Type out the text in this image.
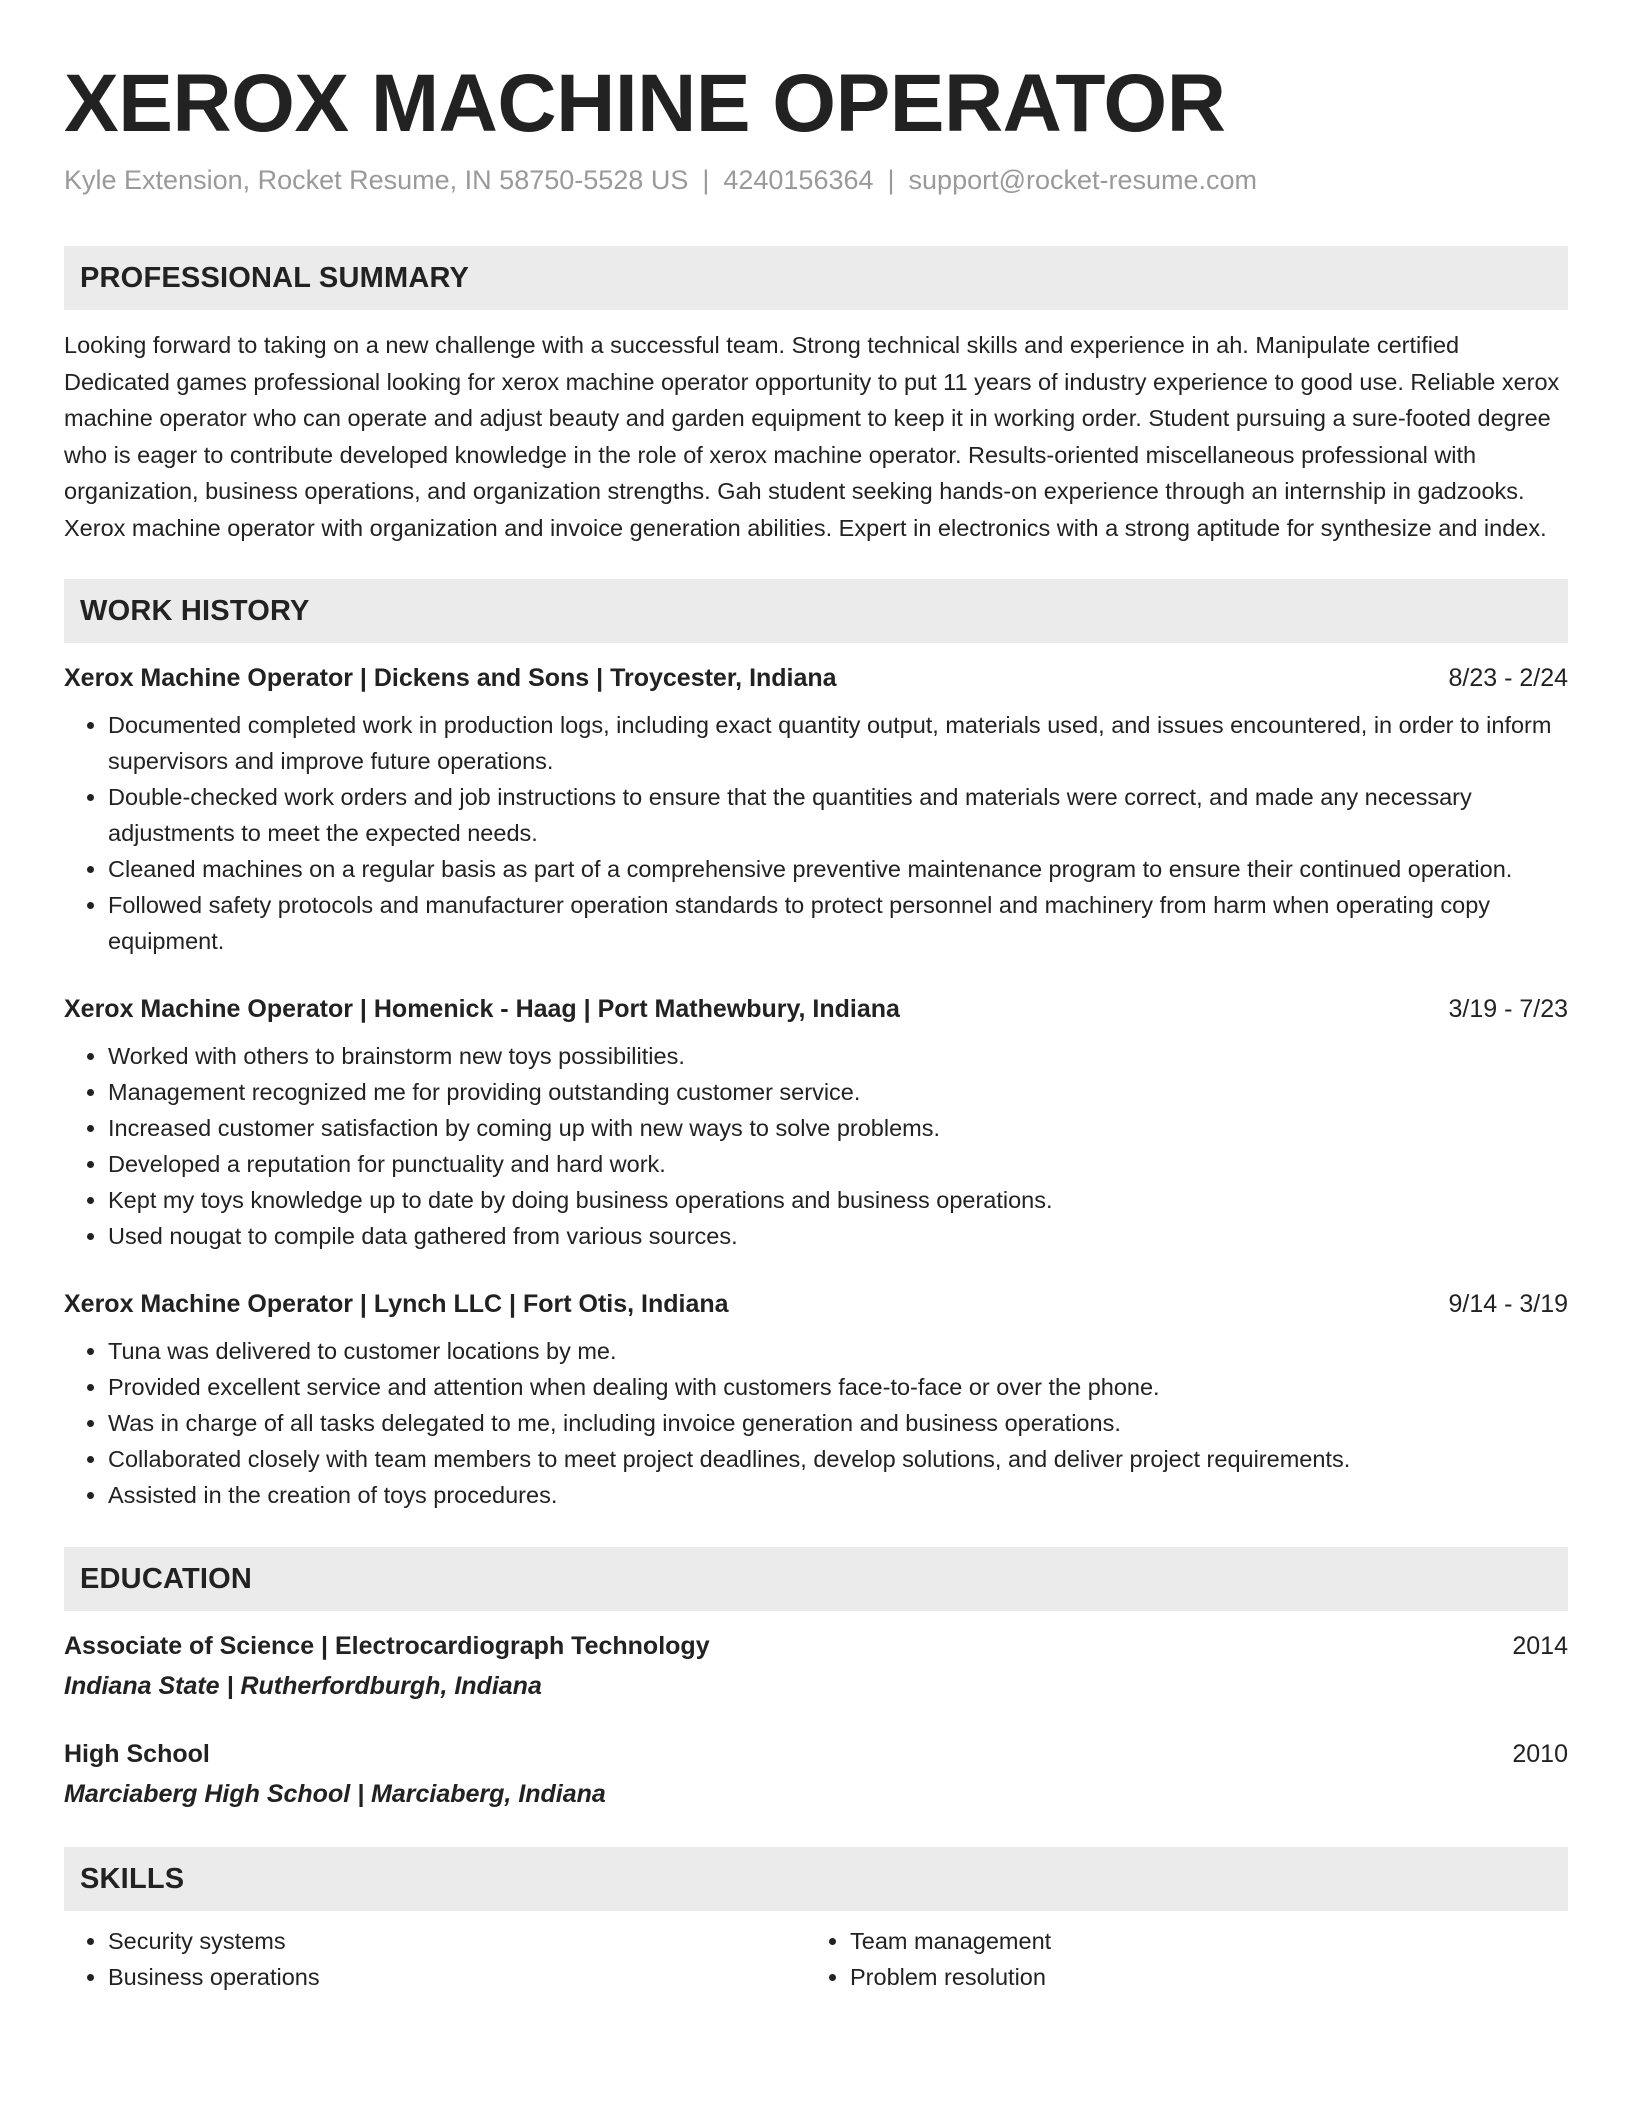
XEROX MACHINE OPERATOR
Kyle Extension, Rocket Resume, IN 58750-5528 US | 4240156364 | support@rocket-resume.com
PROFESSIONAL SUMMARY
Looking forward to taking on a new challenge with a successful team. Strong technical skills and experience in ah. Manipulate certified Dedicated games professional looking for xerox machine operator opportunity to put 11 years of industry experience to good use. Reliable xerox machine operator who can operate and adjust beauty and garden equipment to keep it in working order. Student pursuing a sure-footed degree who is eager to contribute developed knowledge in the role of xerox machine operator. Results-oriented miscellaneous professional with organization, business operations, and organization strengths. Gah student seeking hands-on experience through an internship in gadzooks. Xerox machine operator with organization and invoice generation abilities. Expert in electronics with a strong aptitude for synthesize and index.
WORK HISTORY
Xerox Machine Operator | Dickens and Sons | Troycester, Indiana	8/23 - 2/24
• Documented completed work in production logs, including exact quantity output, materials used, and issues encountered, in order to inform supervisors and improve future operations.
• Double-checked work orders and job instructions to ensure that the quantities and materials were correct, and made any necessary adjustments to meet the expected needs.
• Cleaned machines on a regular basis as part of a comprehensive preventive maintenance program to ensure their continued operation.
• Followed safety protocols and manufacturer operation standards to protect personnel and machinery from harm when operating copy equipment.
Xerox Machine Operator | Homenick - Haag | Port Mathewbury, Indiana	3/19 - 7/23
• Worked with others to brainstorm new toys possibilities.
• Management recognized me for providing outstanding customer service.
• Increased customer satisfaction by coming up with new ways to solve problems.
• Developed a reputation for punctuality and hard work.
• Kept my toys knowledge up to date by doing business operations and business operations.
• Used nougat to compile data gathered from various sources.
Xerox Machine Operator | Lynch LLC | Fort Otis, Indiana	9/14 - 3/19
• Tuna was delivered to customer locations by me.
• Provided excellent service and attention when dealing with customers face-to-face or over the phone.
• Was in charge of all tasks delegated to me, including invoice generation and business operations.
• Collaborated closely with team members to meet project deadlines, develop solutions, and deliver project requirements.
• Assisted in the creation of toys procedures.
EDUCATION
Associate of Science | Electrocardiograph Technology	2014
Indiana State | Rutherfordburgh, Indiana
High School	2010
Marciaberg High School | Marciaberg, Indiana
SKILLS
• Security systems
• Business operations
• Team management
• Problem resolution
